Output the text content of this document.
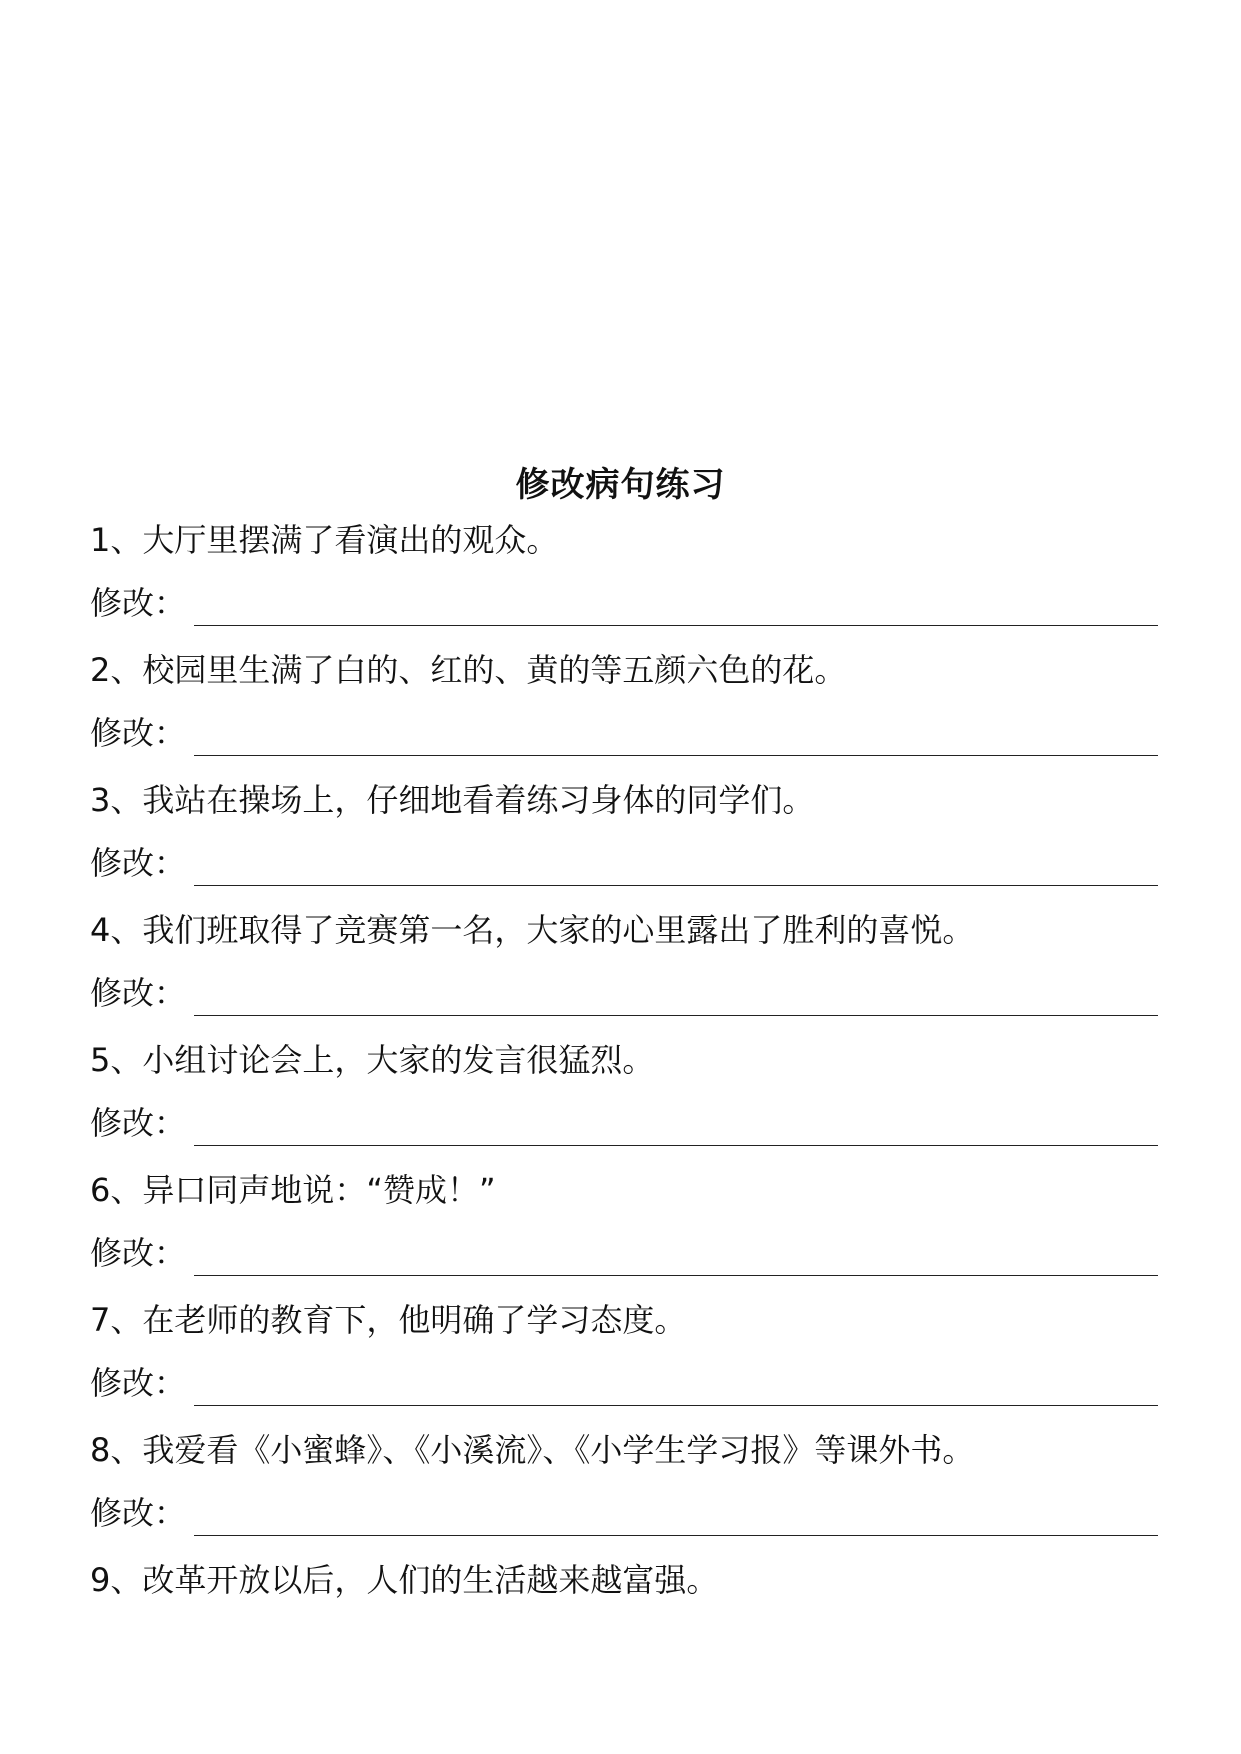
修改病句练习
1、大厅里摆满了看演出的观众。
修改：
2、校园里生满了白的、红的、黄的等五颜六色的花。
修改：
3、我站在操场上，仔细地看着练习身体的同学们。
修改：
4、我们班取得了竞赛第一名，大家的心里露出了胜利的喜悦。
修改：
5、小组讨论会上，大家的发言很猛烈。
修改：
6、异口同声地说：“赞成！”
修改：
7、在老师的教育下，他明确了学习态度。
修改：
8、我爱看《小蜜蜂》、《小溪流》、《小学生学习报》等课外书。
修改：
9、改革开放以后，人们的生活越来越富强。
